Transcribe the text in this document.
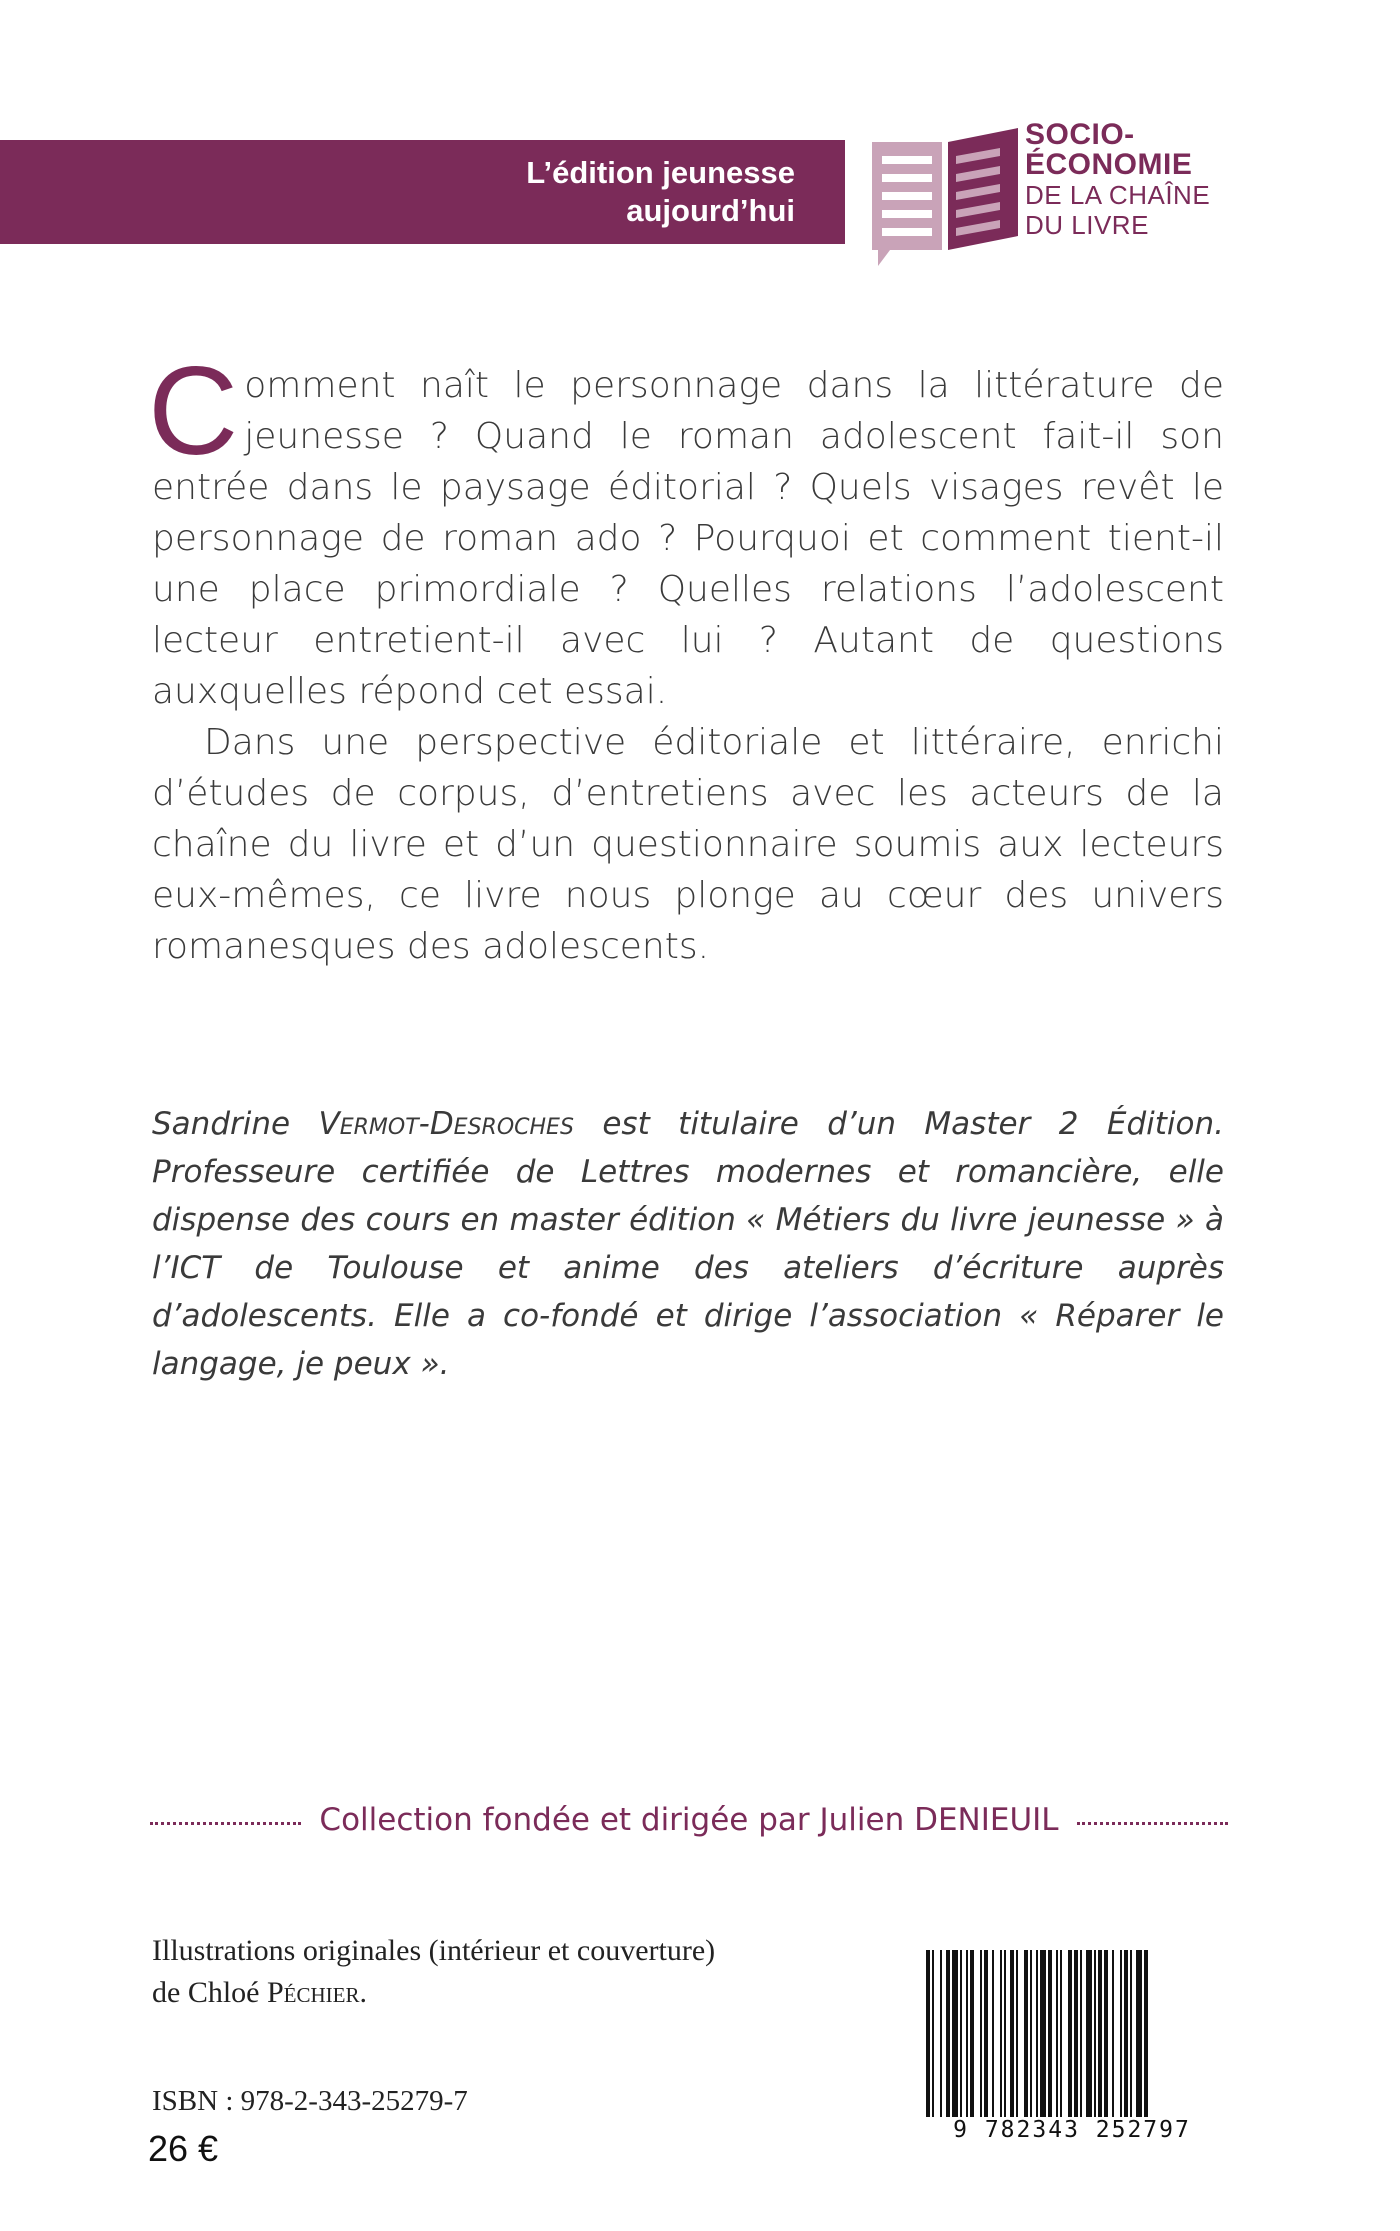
L’édition jeunesse
aujourd’hui
SOCIO-
ÉCONOMIE
DE LA CHAÎNE
DU LIVRE

Comment naît le personnage dans la littérature de jeunesse ? Quand le roman adolescent fait-il son entrée dans le paysage éditorial ? Quels visages revêt le personnage de roman ado ? Pourquoi et comment tient-il une place primordiale ? Quelles relations l’adolescent lecteur entretient-il avec lui ? Autant de questions auxquelles répond cet essai.

Dans une perspective éditoriale et littéraire, enrichi d’études de corpus, d’entretiens avec les acteurs de la chaîne du livre et d’un questionnaire soumis aux lecteurs eux-mêmes, ce livre nous plonge au cœur des univers romanesques des adolescents.

Sandrine Vermot-Desroches est titulaire d’un Master 2 Édition. Professeure certifiée de Lettres modernes et romancière, elle dispense des cours en master édition « Métiers du livre jeunesse » à l’ICT de Toulouse et anime des ateliers d’écriture auprès d’adolescents. Elle a co-fondé et dirige l’association « Réparer le langage, je peux ».
Collection fondée et dirigée par Julien DENIEUIL
Illustrations originales (intérieur et couverture)
de Chloé Péchier.
ISBN : 978-2-343-25279-7
26 €	9 782343 252797
